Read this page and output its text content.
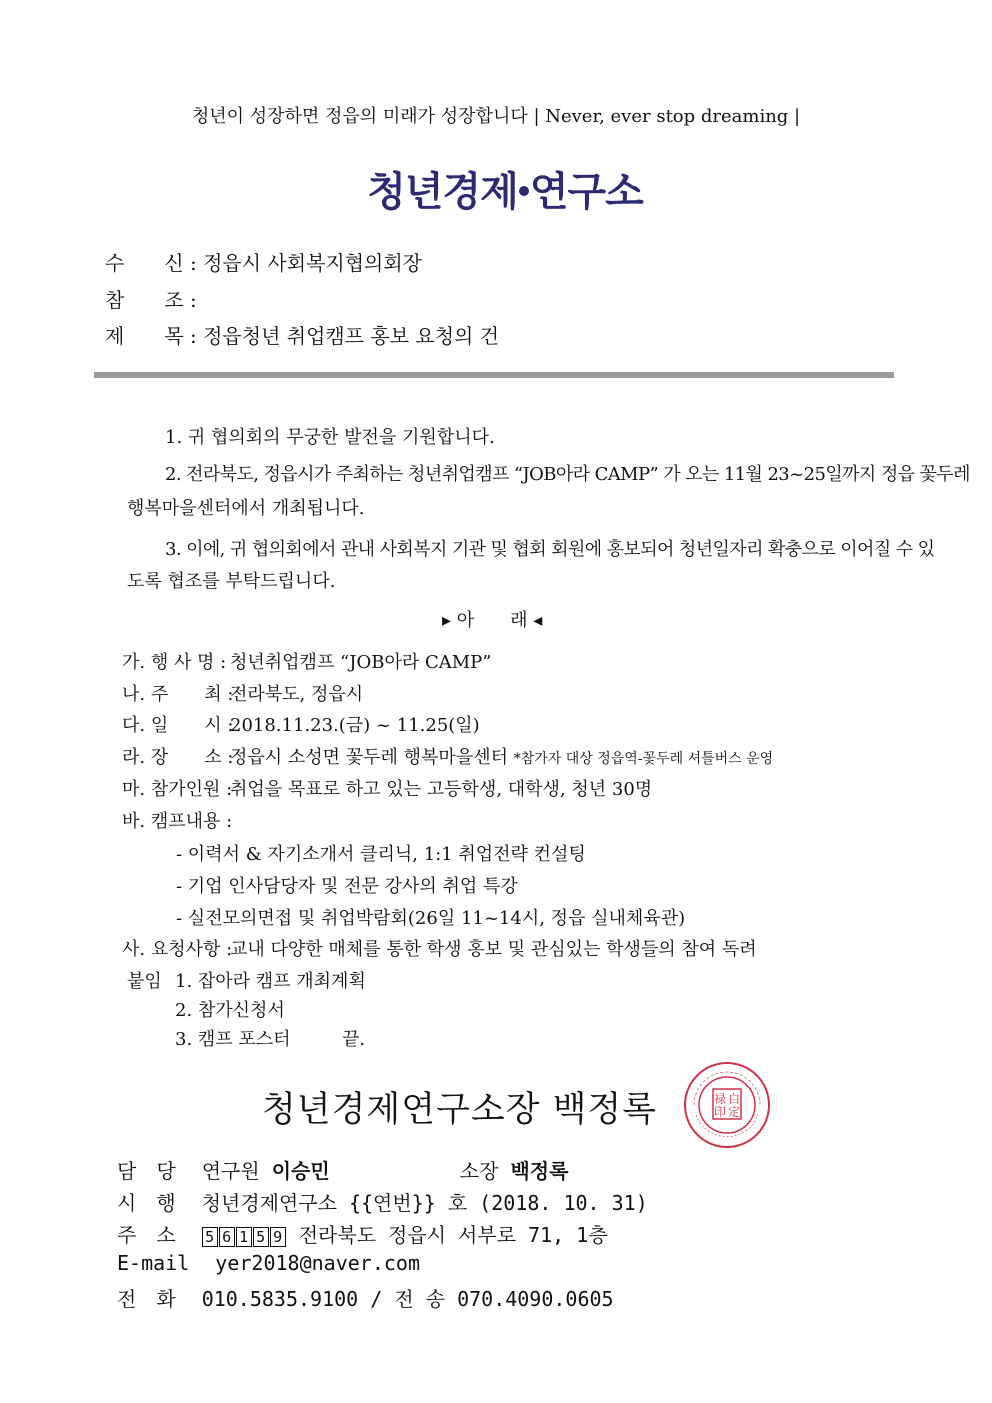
청년이 성장하면 정읍의 미래가 성장합니다 | Never, ever stop dreaming |
청년경제 연구소
수　　신 : 정읍시 사회복지협의회장
참　　조 :
제　　목 : 정읍청년 취업캠프 홍보 요청의 건
1. 귀 협의회의 무궁한 발전을 기원합니다.
2. 전라북도, 정읍시가 주최하는 청년취업캠프 “JOB아라 CAMP” 가 오는 11월 23~25일까지 정읍 꽃두레
행복마을센터에서 개최됩니다.
3. 이에, 귀 협의회에서 관내 사회복지 기관 및 협회 회원에 홍보되어 청년일자리 확충으로 이어질 수 있
도록 협조를 부탁드립니다.
▸ 아　　래 ◂
가. 행 사 명 : 청년취업캠프 “JOB아라 CAMP”
나. 주　　최 :전라북도, 정읍시
다. 일　　시 :2018.11.23.(금) ~ 11.25(일)
라. 장　　소 :정읍시 소성면 꽃두레 행복마을센터 *참가자 대상 정읍역-꽃두레 셔틀버스 운영
마. 참가인원 :취업을 목표로 하고 있는 고등학생, 대학생, 청년 30명
바. 캠프내용 :
- 이력서 & 자기소개서 클리닉, 1:1 취업전략 컨설팅
- 기업 인사담당자 및 전문 강사의 취업 특강
- 실전모의면접 및 취업박람회(26일 11~14시, 정읍 실내체육관)
사. 요청사항 :교내 다양한 매체를 통한 학생 홍보 및 관심있는 학생들의 참여 독려
붙임 1. 잡아라 캠프 개최계획
2. 참가신청서
3. 캠프 포스터	끝.
청년경제연구소장 백정록	白
禄
印 定
담　당 연구원 이승민	소장 백정록
시　행 청년경제연구소 {{연번}} 호 (2018. 10. 31)
주　소 5 6 1 5 9 전라북도 정읍시 서부로 71, 1층
E-mail yer2018@naver.com
전　화 010.5835.9100 / 전 송 070.4090.0605
